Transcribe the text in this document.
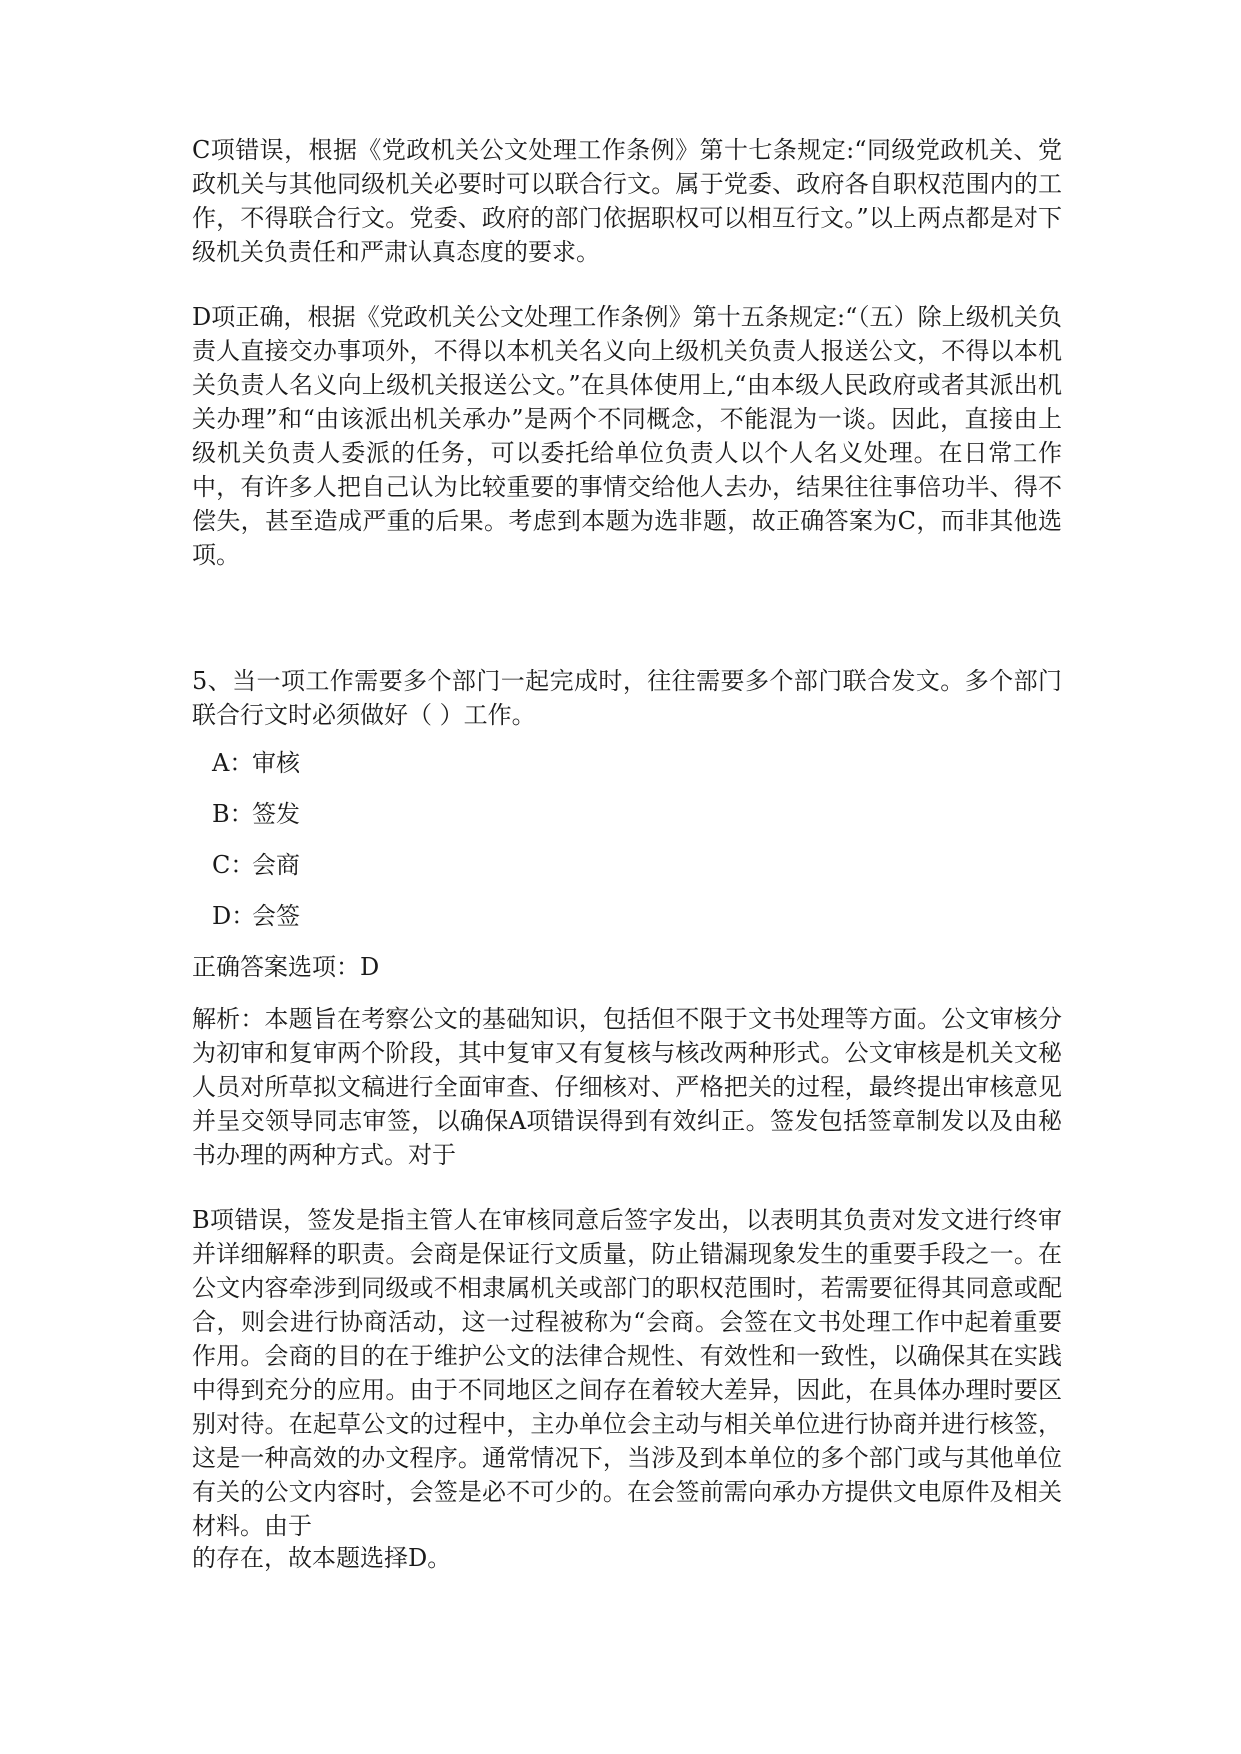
C项错误，根据《党政机关公文处理工作条例》第十七条规定:“同级党政机关、党政机关与其他同级机关必要时可以联合行文。属于党委、政府各自职权范围内的工作，不得联合行文。党委、政府的部门依据职权可以相互行文。”以上两点都是对下级机关负责任和严肃认真态度的要求。

D项正确，根据《党政机关公文处理工作条例》第十五条规定:“（五）除上级机关负责人直接交办事项外，不得以本机关名义向上级机关负责人报送公文，不得以本机关负责人名义向上级机关报送公文。”在具体使用上,“由本级人民政府或者其派出机关办理”和“由该派出机关承办”是两个不同概念，不能混为一谈。因此，直接由上级机关负责人委派的任务，可以委托给单位负责人以个人名义处理。在日常工作中，有许多人把自己认为比较重要的事情交给他人去办，结果往往事倍功半、得不偿失，甚至造成严重的后果。考虑到本题为选非题，故正确答案为C，而非其他选项。

5、当一项工作需要多个部门一起完成时，往往需要多个部门联合发文。多个部门联合行文时必须做好（ ）工作。

A：审核

B：签发

C：会商

D：会签

正确答案选项：D

解析：本题旨在考察公文的基础知识，包括但不限于文书处理等方面。公文审核分为初审和复审两个阶段，其中复审又有复核与核改两种形式。公文审核是机关文秘人员对所草拟文稿进行全面审查、仔细核对、严格把关的过程，最终提出审核意见并呈交领导同志审签，以确保A项错误得到有效纠正。签发包括签章制发以及由秘书办理的两种方式。对于

B项错误，签发是指主管人在审核同意后签字发出，以表明其负责对发文进行终审并详细解释的职责。会商是保证行文质量，防止错漏现象发生的重要手段之一。在公文内容牵涉到同级或不相隶属机关或部门的职权范围时，若需要征得其同意或配合，则会进行协商活动，这一过程被称为“会商。会签在文书处理工作中起着重要作用。会商的目的在于维护公文的法律合规性、有效性和一致性，以确保其在实践中得到充分的应用。由于不同地区之间存在着较大差异，因此，在具体办理时要区别对待。在起草公文的过程中，主办单位会主动与相关单位进行协商并进行核签，这是一种高效的办文程序。通常情况下，当涉及到本单位的多个部门或与其他单位有关的公文内容时，会签是必不可少的。在会签前需向承办方提供文电原件及相关材料。由于

的存在，故本题选择D。
